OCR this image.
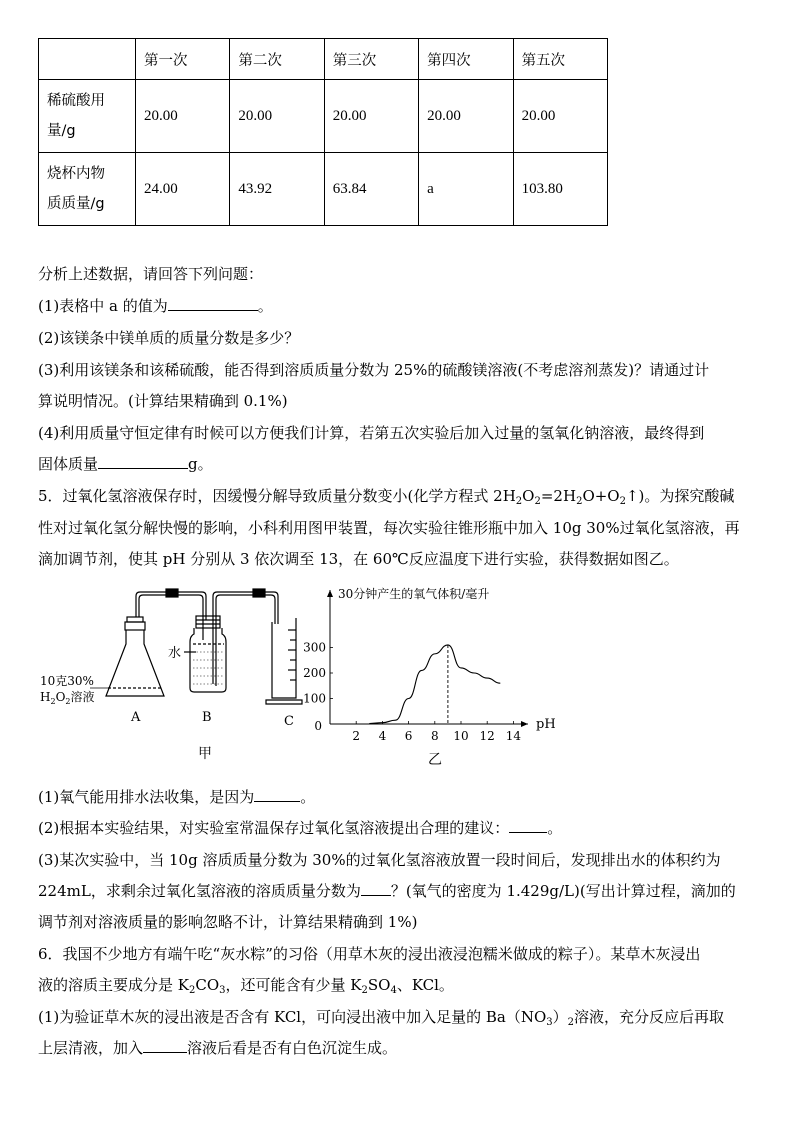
	第一次	第二次	第三次	第四次	第五次
稀硫酸用
量/g	20.00	20.00	20.00	20.00	20.00
烧杯内物
质质量/g	24.00	43.92	63.84	a	103.80
分析上述数据，请回答下列问题：
(1)表格中 a 的值为	。
(2)该镁条中镁单质的质量分数是多少？
(3)利用该镁条和该稀硫酸，能否得到溶质质量分数为 25%的硫酸镁溶液(不考虑溶剂蒸发)？请通过计
算说明情况。(计算结果精确到 0.1%)
(4)利用质量守恒定律有时候可以方便我们计算，若第五次实验后加入过量的氢氧化钠溶液，最终得到
固体质量	g。
5．过氧化氢溶液保存时，因缓慢分解导致质量分数变小(化学方程式 $2H_2O_2=2H_2O+O_2↑$)。为探究酸碱
性对过氧化氢分解快慢的影响，小科利用图甲装置，每次实验往锥形瓶中加入 10g 30%过氧化氢溶液，再
滴加调节剂，使其 pH 分别从 3 依次调至 13，在 60℃反应温度下进行实验，获得数据如图乙。
10克30%
$H_2O_2$溶液
水
A	B	C
甲
30分钟产生的氧气体积/毫升
2 4 6 8 10 12 14
0
100
200
300
pH
乙
(1)氧气能用排水法收集，是因为	。
(2)根据本实验结果，对实验室常温保存过氧化氢溶液提出合理的建议：	。
(3)某次实验中，当 10g 溶质质量分数为 30%的过氧化氢溶液放置一段时间后，发现排出水的体积约为
224mL，求剩余过氧化氢溶液的溶质质量分数为 ？(氧气的密度为 1.429g/L)(写出计算过程，滴加的
调节剂对溶液质量的影响忽略不计，计算结果精确到 1%)
6．我国不少地方有端午吃“灰水粽”的习俗（用草木灰的浸出液浸泡糯米做成的粽子）。某草木灰浸出
液的溶质主要成分是 $K_2CO_3$，还可能含有少量 $K_2SO_4$、KCl。
(1)为验证草木灰的浸出液是否含有 KCl，可向浸出液中加入足量的 $Ba(NO_3)_2$溶液，充分反应后再取
上层清液，加入	溶液后看是否有白色沉淀生成。
